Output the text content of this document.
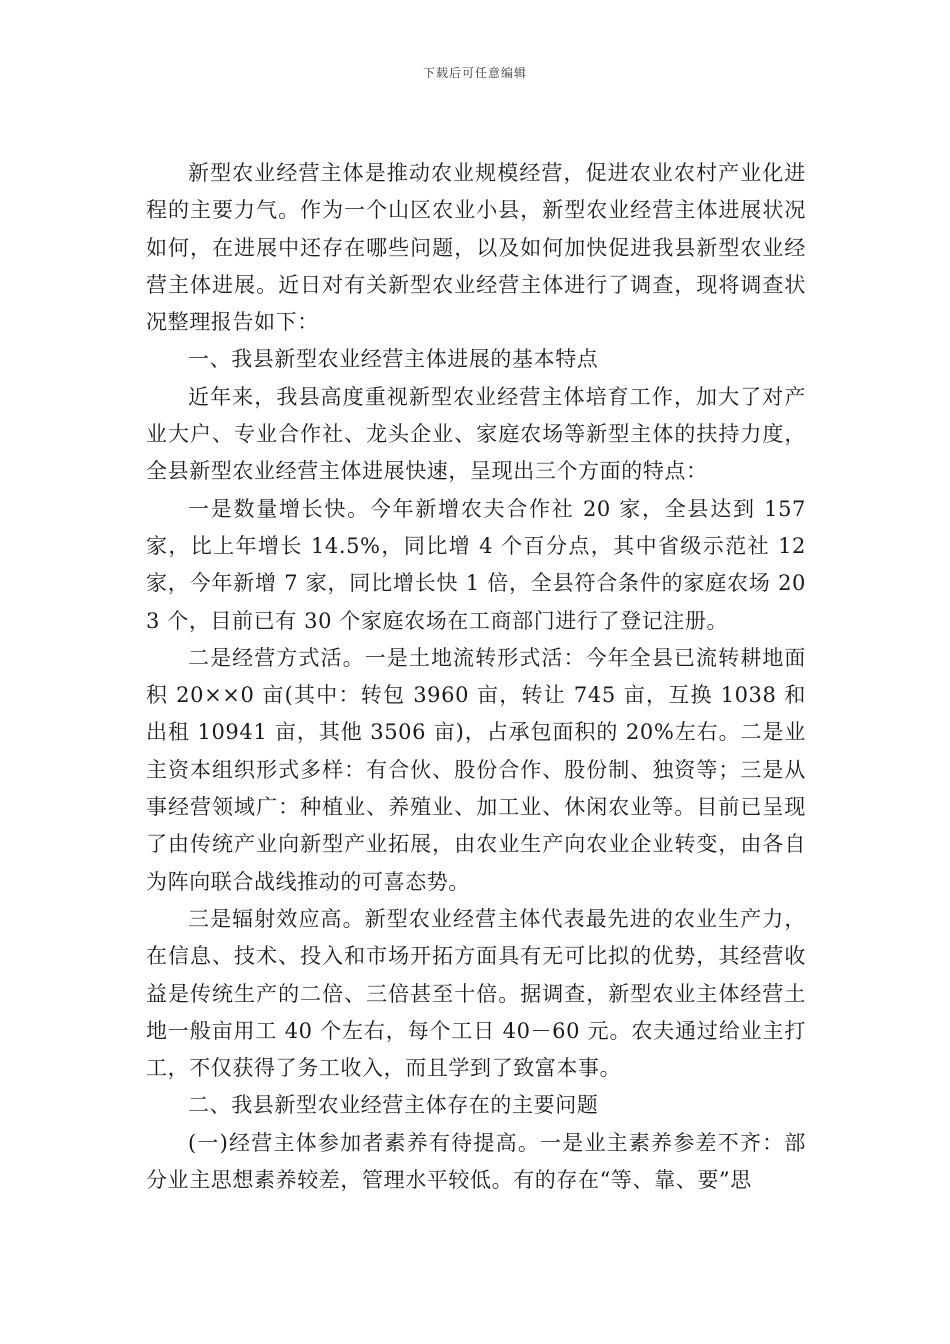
下载后可任意编辑

新型农业经营主体是推动农业规模经营，促进农业农村产业化进程的主要力气。作为一个山区农业小县，新型农业经营主体进展状况如何，在进展中还存在哪些问题，以及如何加快促进我县新型农业经营主体进展。近日对有关新型农业经营主体进行了调查，现将调查状况整理报告如下：

一、我县新型农业经营主体进展的基本特点

近年来，我县高度重视新型农业经营主体培育工作，加大了对产业大户、专业合作社、龙头企业、家庭农场等新型主体的扶持力度，全县新型农业经营主体进展快速，呈现出三个方面的特点：

一是数量增长快。今年新增农夫合作社 20 家，全县达到 157 家，比上年增长 14.5%，同比增 4 个百分点，其中省级示范社 12 家，今年新增 7 家，同比增长快 1 倍，全县符合条件的家庭农场 203 个，目前已有 30 个家庭农场在工商部门进行了登记注册。

二是经营方式活。一是土地流转形式活：今年全县已流转耕地面积 20××0 亩(其中：转包 3960 亩，转让 745 亩，互换 1038 和出租 10941 亩，其他 3506 亩)，占承包面积的 20%左右。二是业主资本组织形式多样：有合伙、股份合作、股份制、独资等；三是从事经营领域广：种植业、养殖业、加工业、休闲农业等。目前已呈现了由传统产业向新型产业拓展，由农业生产向农业企业转变，由各自为阵向联合战线推动的可喜态势。

三是辐射效应高。新型农业经营主体代表最先进的农业生产力，在信息、技术、投入和市场开拓方面具有无可比拟的优势，其经营收益是传统生产的二倍、三倍甚至十倍。据调查，新型农业主体经营土地一般亩用工 40 个左右，每个工日 40－60 元。农夫通过给业主打工，不仅获得了务工收入，而且学到了致富本事。

二、我县新型农业经营主体存在的主要问题

(一)经营主体参加者素养有待提高。一是业主素养参差不齐：部分业主思想素养较差，管理水平较低。有的存在“等、靠、要”思
